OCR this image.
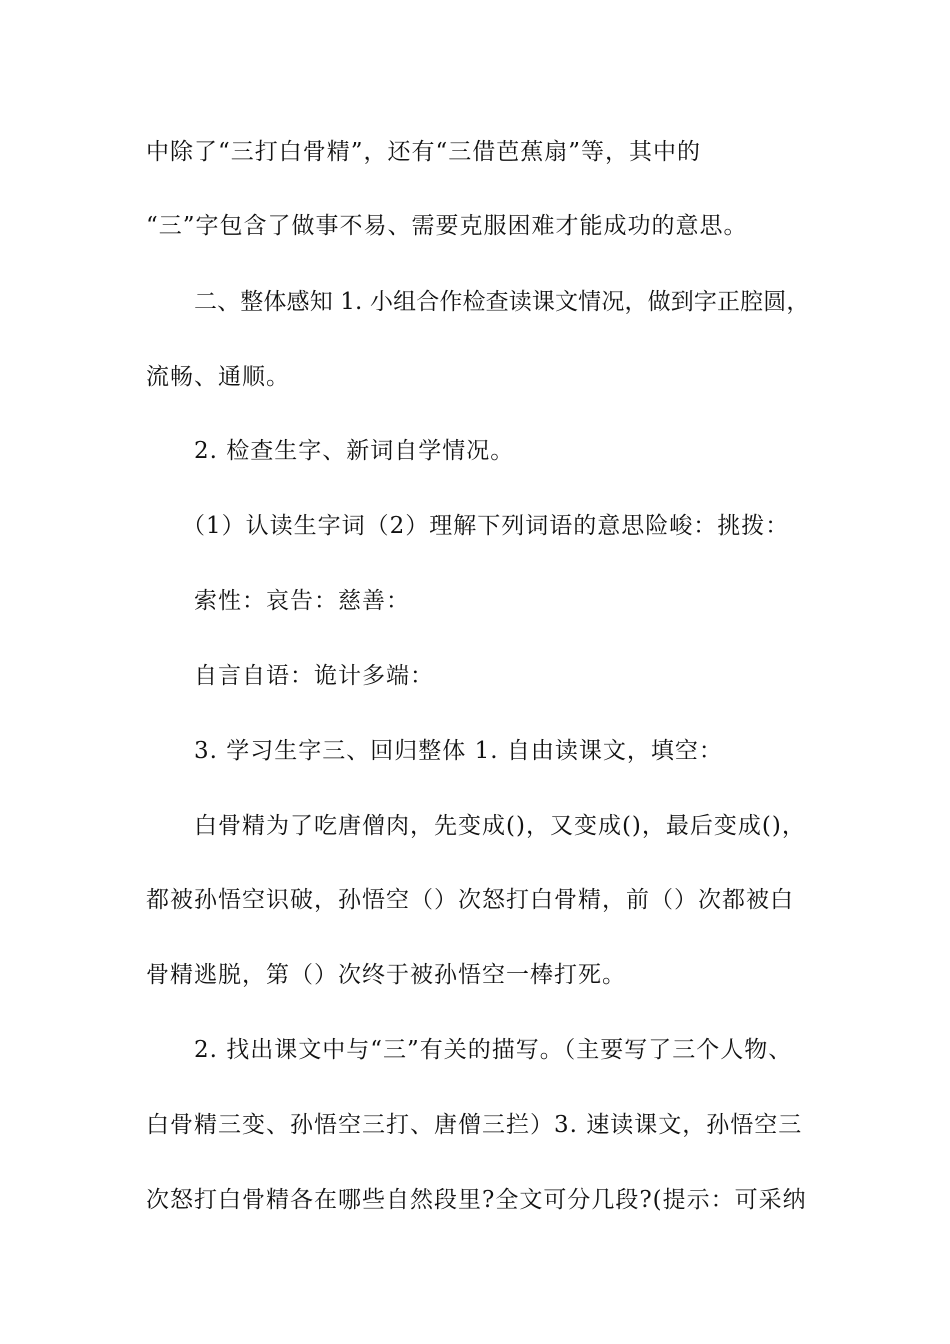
中除了“三打白骨精”，还有“三借芭蕉扇”等，其中的
“三”字包含了做事不易、需要克服困难才能成功的意思。
二、整体感知 1. 小组合作检查读课文情况，做到字正腔圆，
流畅、通顺。
2. 检查生字、新词自学情况。
（1）认读生字词（2）理解下列词语的意思险峻：挑拨：
索性：哀告：慈善：
自言自语：诡计多端：
3. 学习生字三、回归整体 1. 自由读课文，填空：
白骨精为了吃唐僧肉，先变成()，又变成()，最后变成()，
都被孙悟空识破，孙悟空（）次怒打白骨精，前（）次都被白
骨精逃脱，第（）次终于被孙悟空一棒打死。
2. 找出课文中与“三”有关的描写。（主要写了三个人物、
白骨精三变、孙悟空三打、唐僧三拦）3. 速读课文，孙悟空三
次怒打白骨精各在哪些自然段里?全文可分几段?(提示：可采纳
